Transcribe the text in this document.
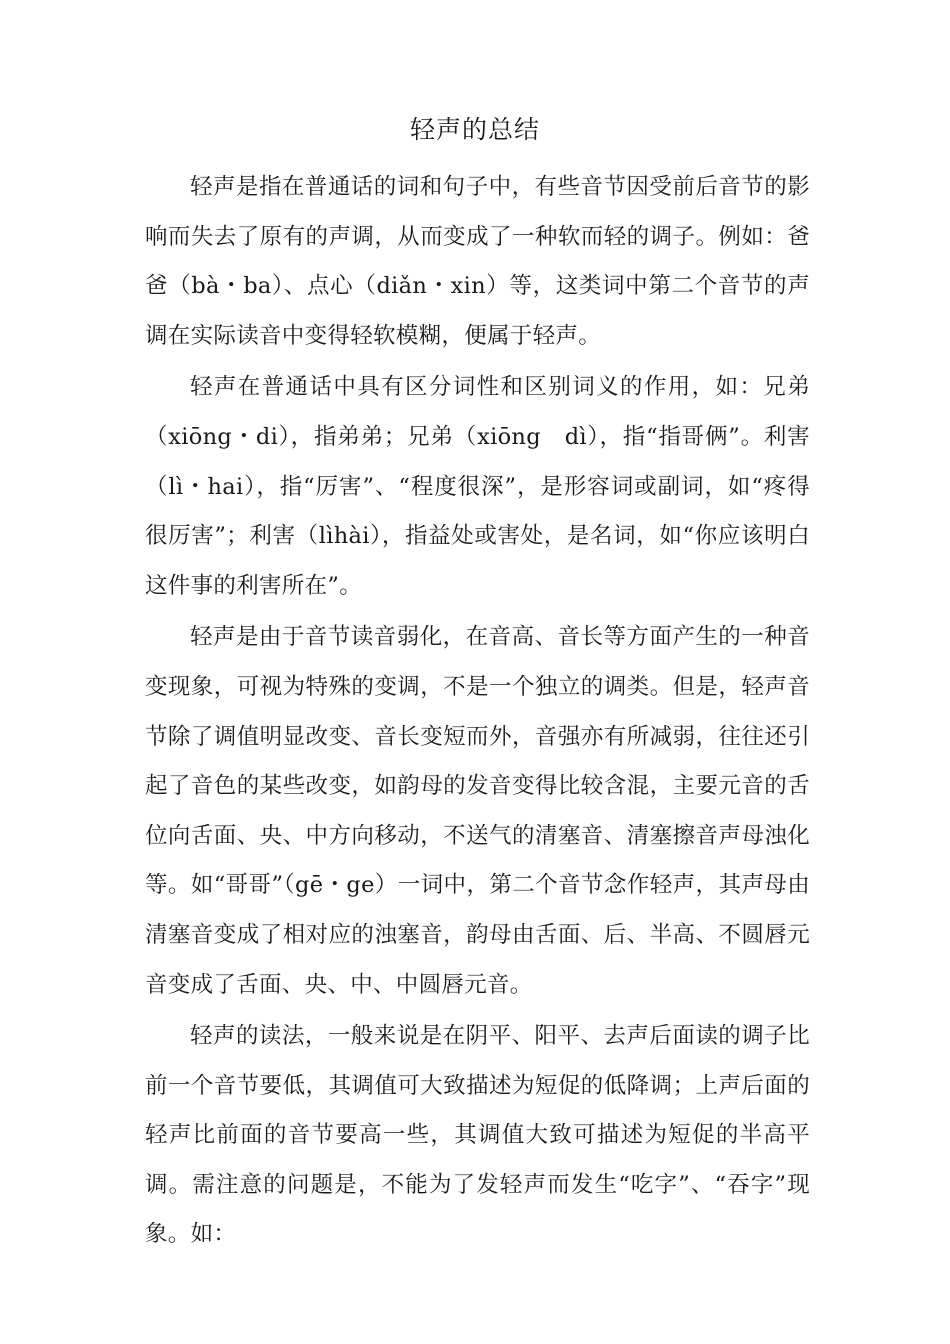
轻声的总结

轻声是指在普通话的词和句子中，有些音节因受前后音节的影响而失去了原有的声调，从而变成了一种软而轻的调子。例如：爸爸（bà・ba）、点心（diǎn・xin）等，这类词中第二个音节的声调在实际读音中变得轻软模糊，便属于轻声。

轻声在普通话中具有区分词性和区别词义的作用，如：兄弟（xiōng・di），指弟弟；兄弟（xiōng　dì），指“指哥俩”。利害（lì・hai），指“厉害”、“程度很深”，是形容词或副词，如“疼得很厉害”；利害（lìhài），指益处或害处，是名词，如“你应该明白这件事的利害所在”。

轻声是由于音节读音弱化，在音高、音长等方面产生的一种音变现象，可视为特殊的变调，不是一个独立的调类。但是，轻声音节除了调值明显改变、音长变短而外，音强亦有所减弱，往往还引起了音色的某些改变，如韵母的发音变得比较含混，主要元音的舌位向舌面、央、中方向移动，不送气的清塞音、清塞擦音声母浊化等。如“哥哥”（gē・ge）一词中，第二个音节念作轻声，其声母由清塞音变成了相对应的浊塞音，韵母由舌面、后、半高、不圆唇元音变成了舌面、央、中、中圆唇元音。

轻声的读法，一般来说是在阴平、阳平、去声后面读的调子比前一个音节要低，其调值可大致描述为短促的低降调；上声后面的轻声比前面的音节要高一些，其调值大致可描述为短促的半高平调。需注意的问题是，不能为了发轻声而发生“吃字”、“吞字”现象。如：
